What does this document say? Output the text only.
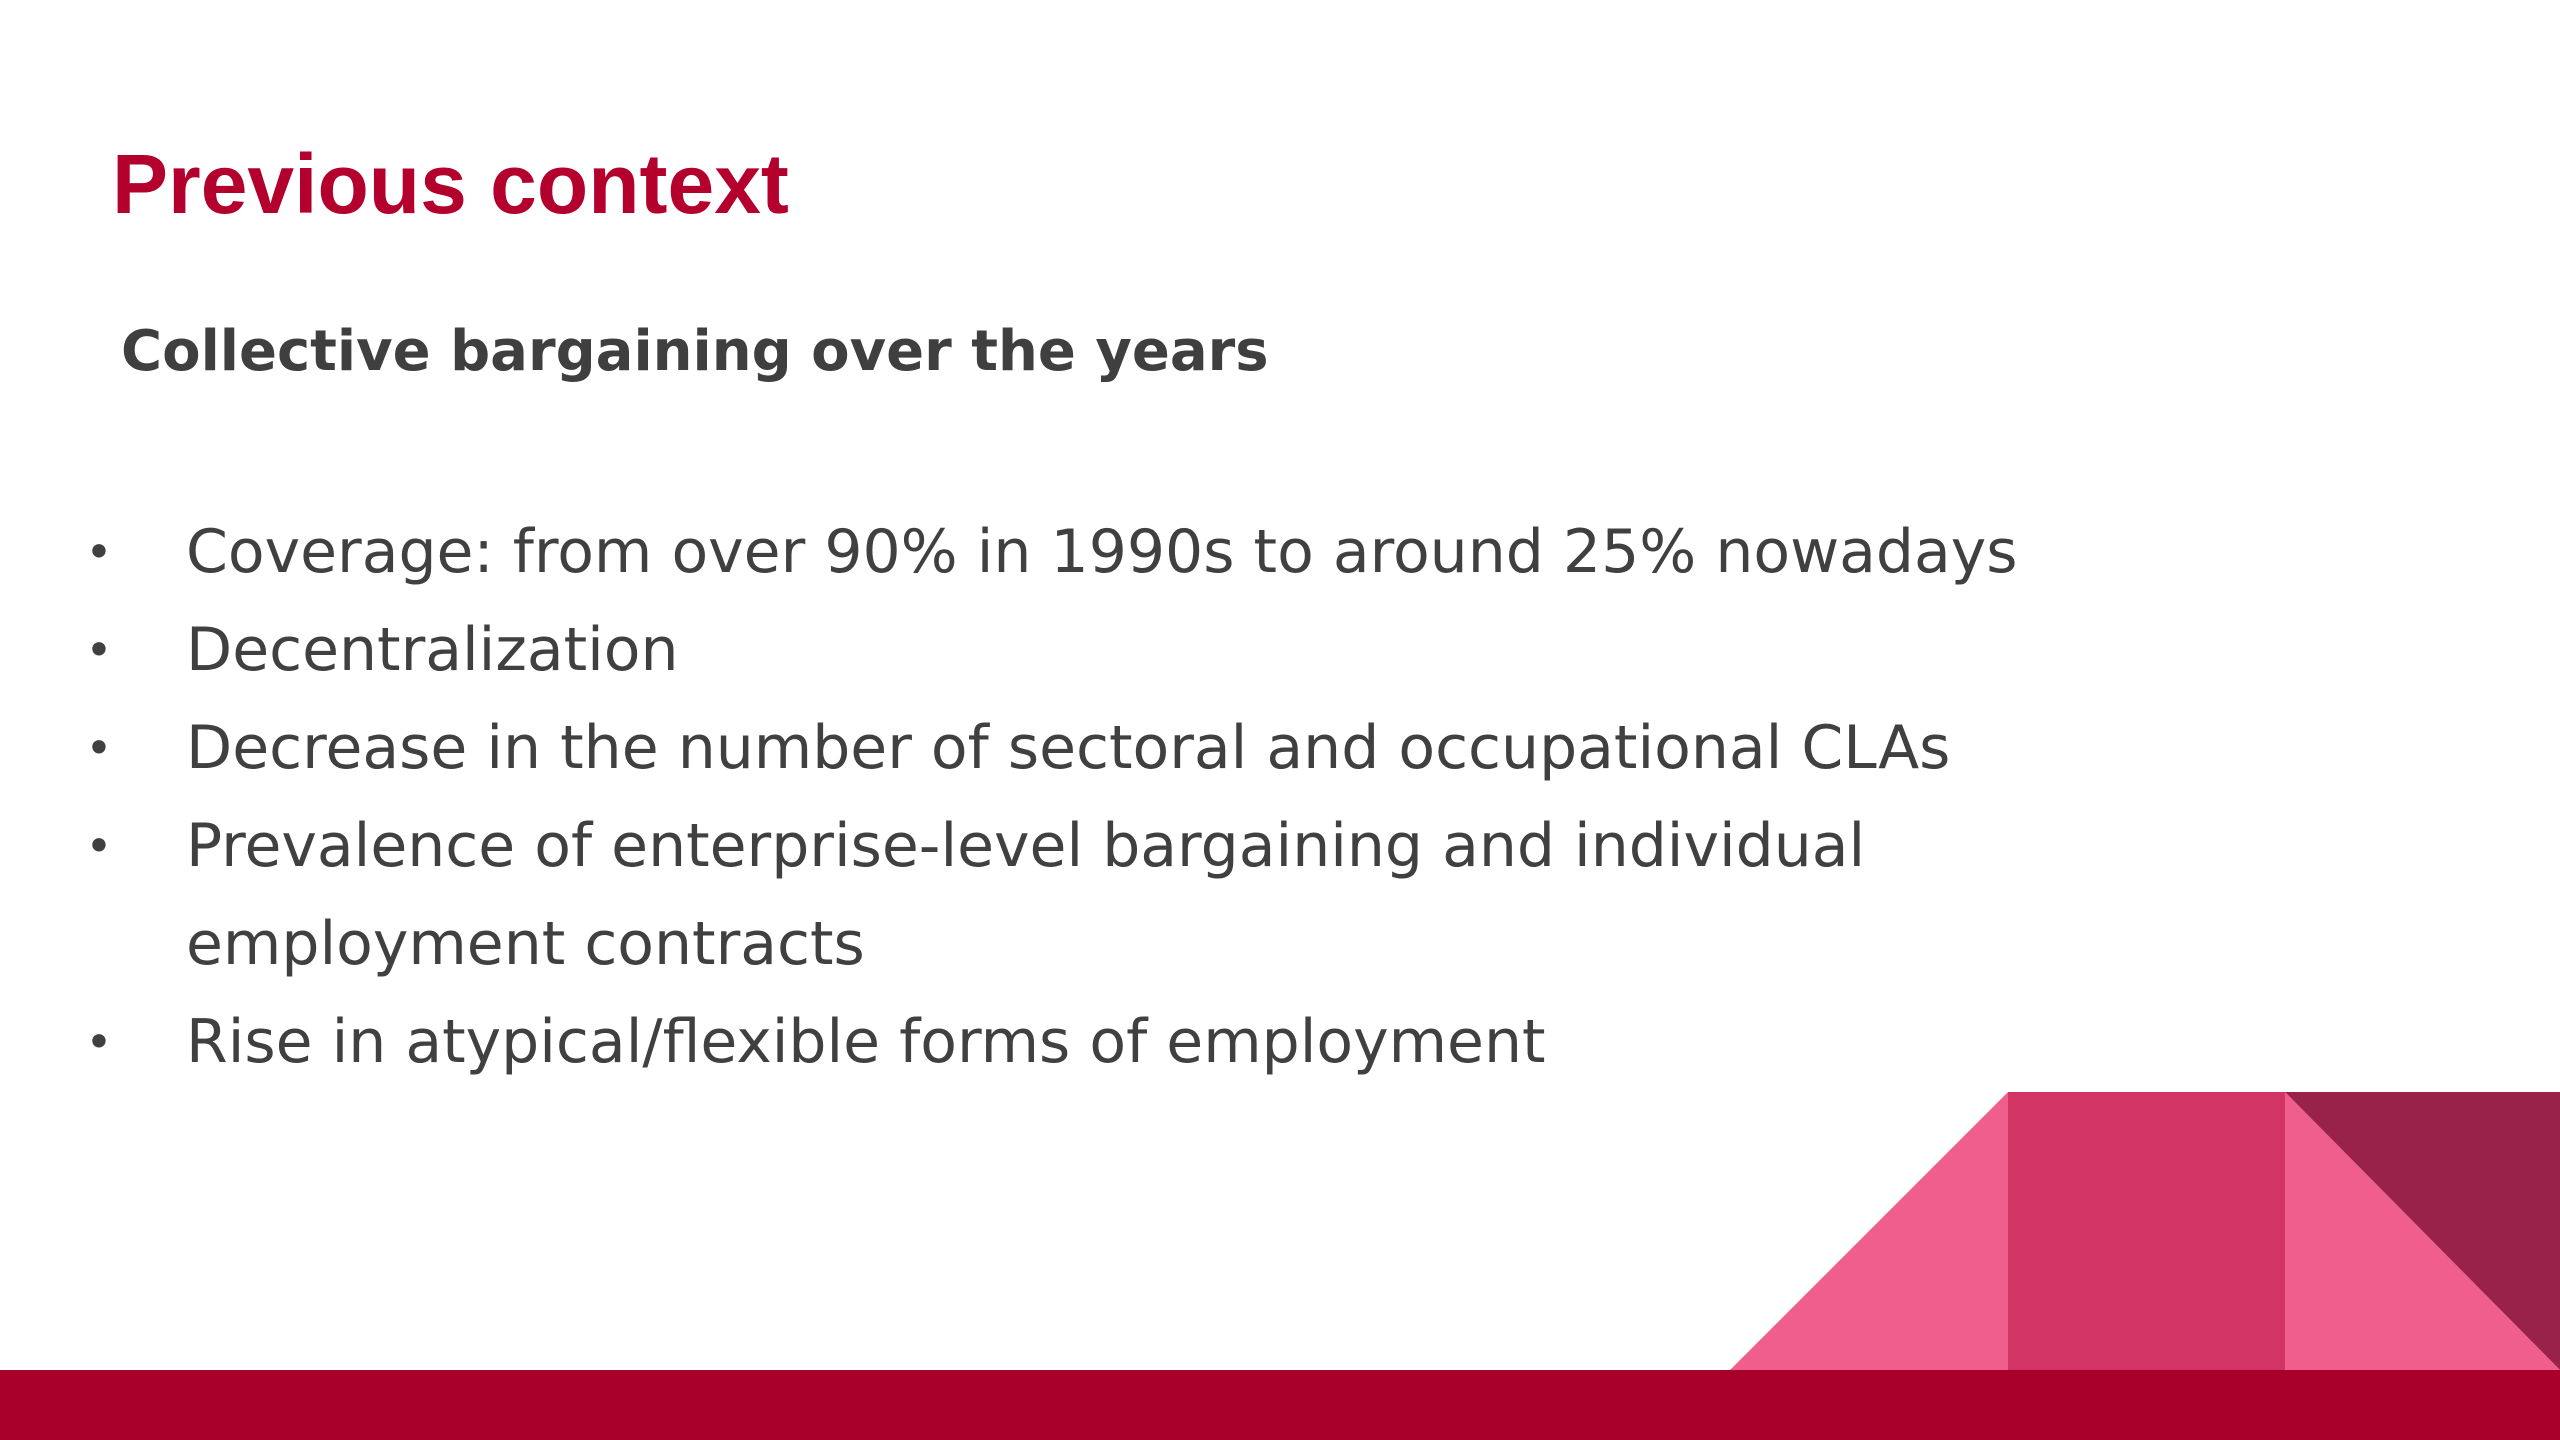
Previous context
Collective bargaining over the years
• Coverage: from over 90% in 1990s to around 25% nowadays
• Decentralization
• Decrease in the number of sectoral and occupational CLAs
• Prevalence of enterprise-level bargaining and individual employment contracts
• Rise in atypical/flexible forms of employment
